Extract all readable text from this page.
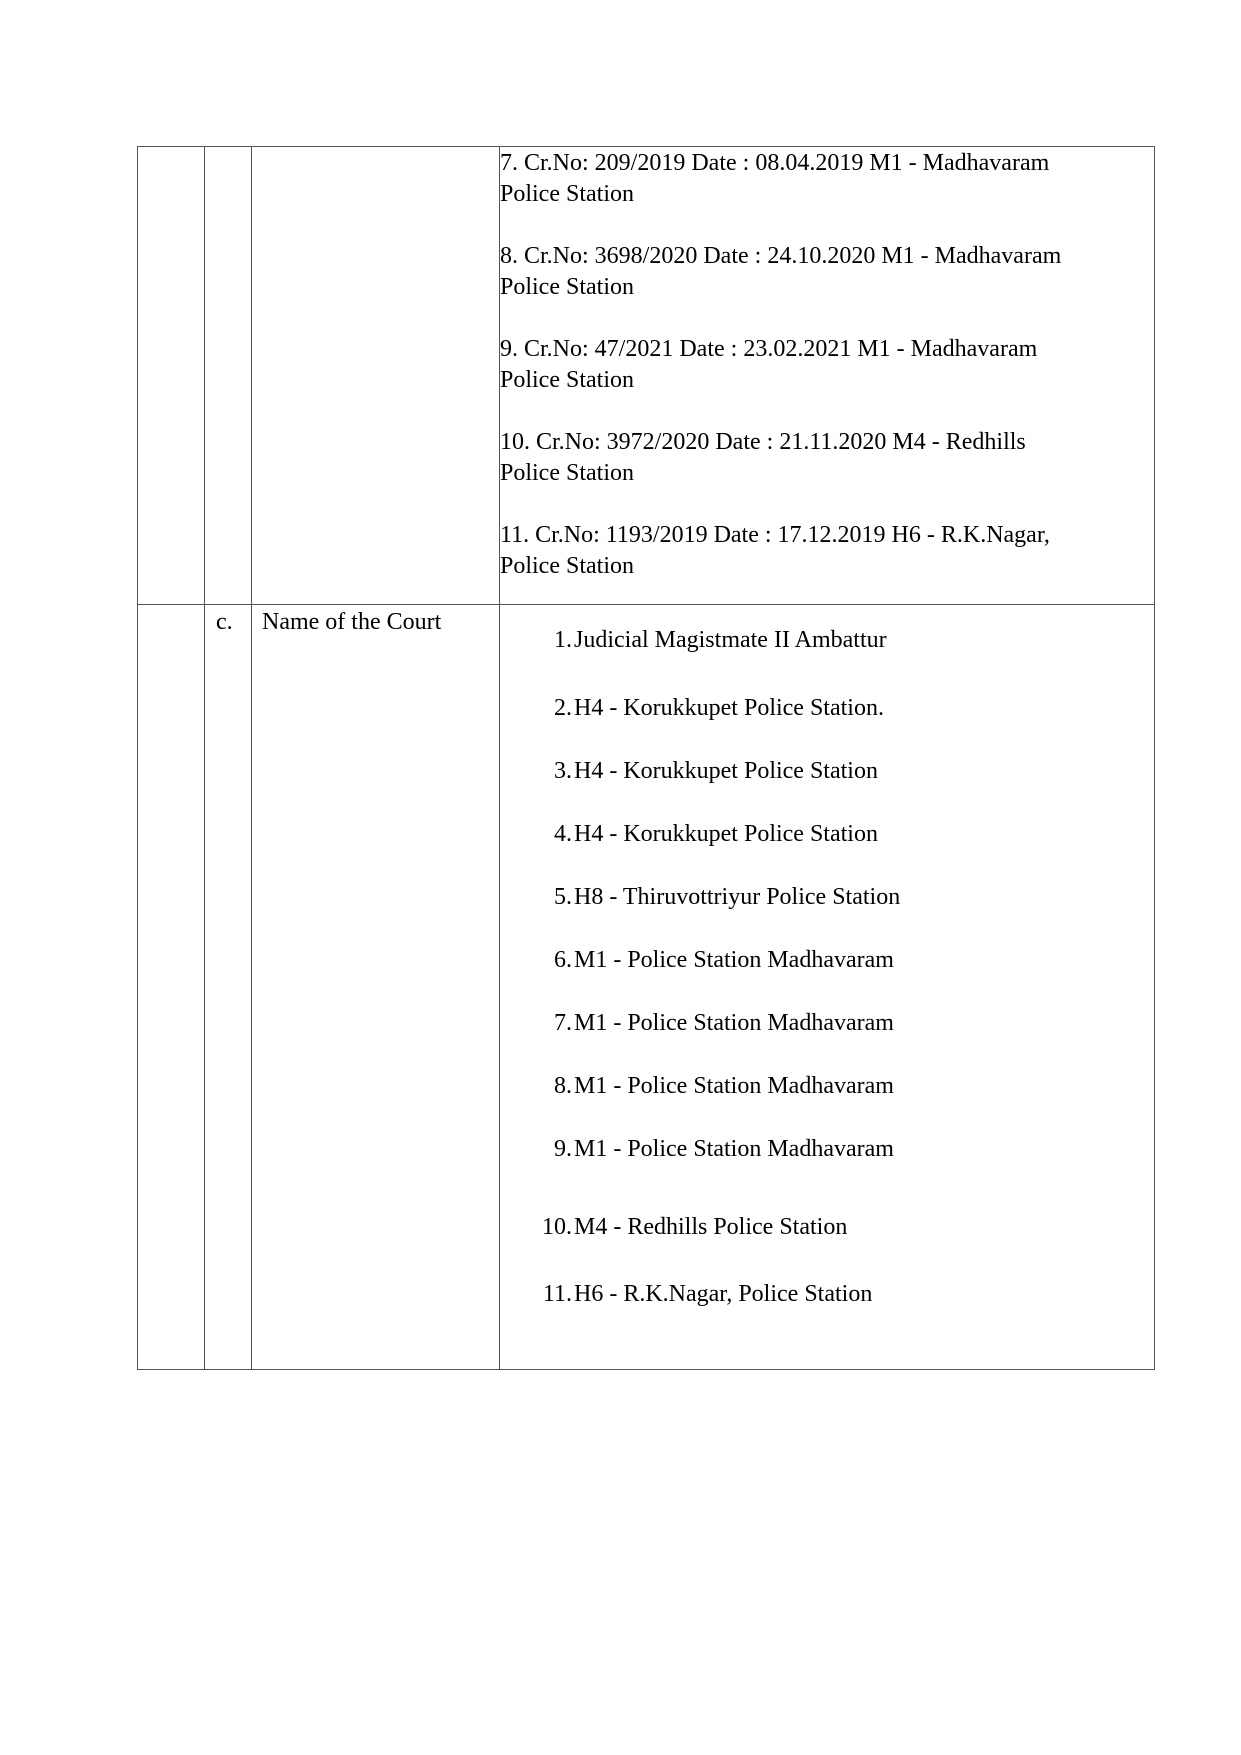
7. Cr.No: 209/2019 Date : 08.04.2019 M1 - Madhavaram
Police Station
8. Cr.No: 3698/2020 Date : 24.10.2020 M1 - Madhavaram
Police Station
9. Cr.No: 47/2021 Date : 23.02.2021 M1 - Madhavaram
Police Station
10. Cr.No: 3972/2020 Date : 21.11.2020 M4 - Redhills
Police Station
11. Cr.No: 1193/2019 Date : 17.12.2019 H6 - R.K.Nagar,
Police Station
c. Name of the Court
1. Judicial Magistmate II Ambattur
2. H4 - Korukkupet Police Station.
3. H4 - Korukkupet Police Station
4. H4 - Korukkupet Police Station
5. H8 - Thiruvottriyur Police Station
6. M1 - Police Station Madhavaram
7. M1 - Police Station Madhavaram
8. M1 - Police Station Madhavaram
9. M1 - Police Station Madhavaram
10. M4 - Redhills Police Station
11. H6 - R.K.Nagar, Police Station
